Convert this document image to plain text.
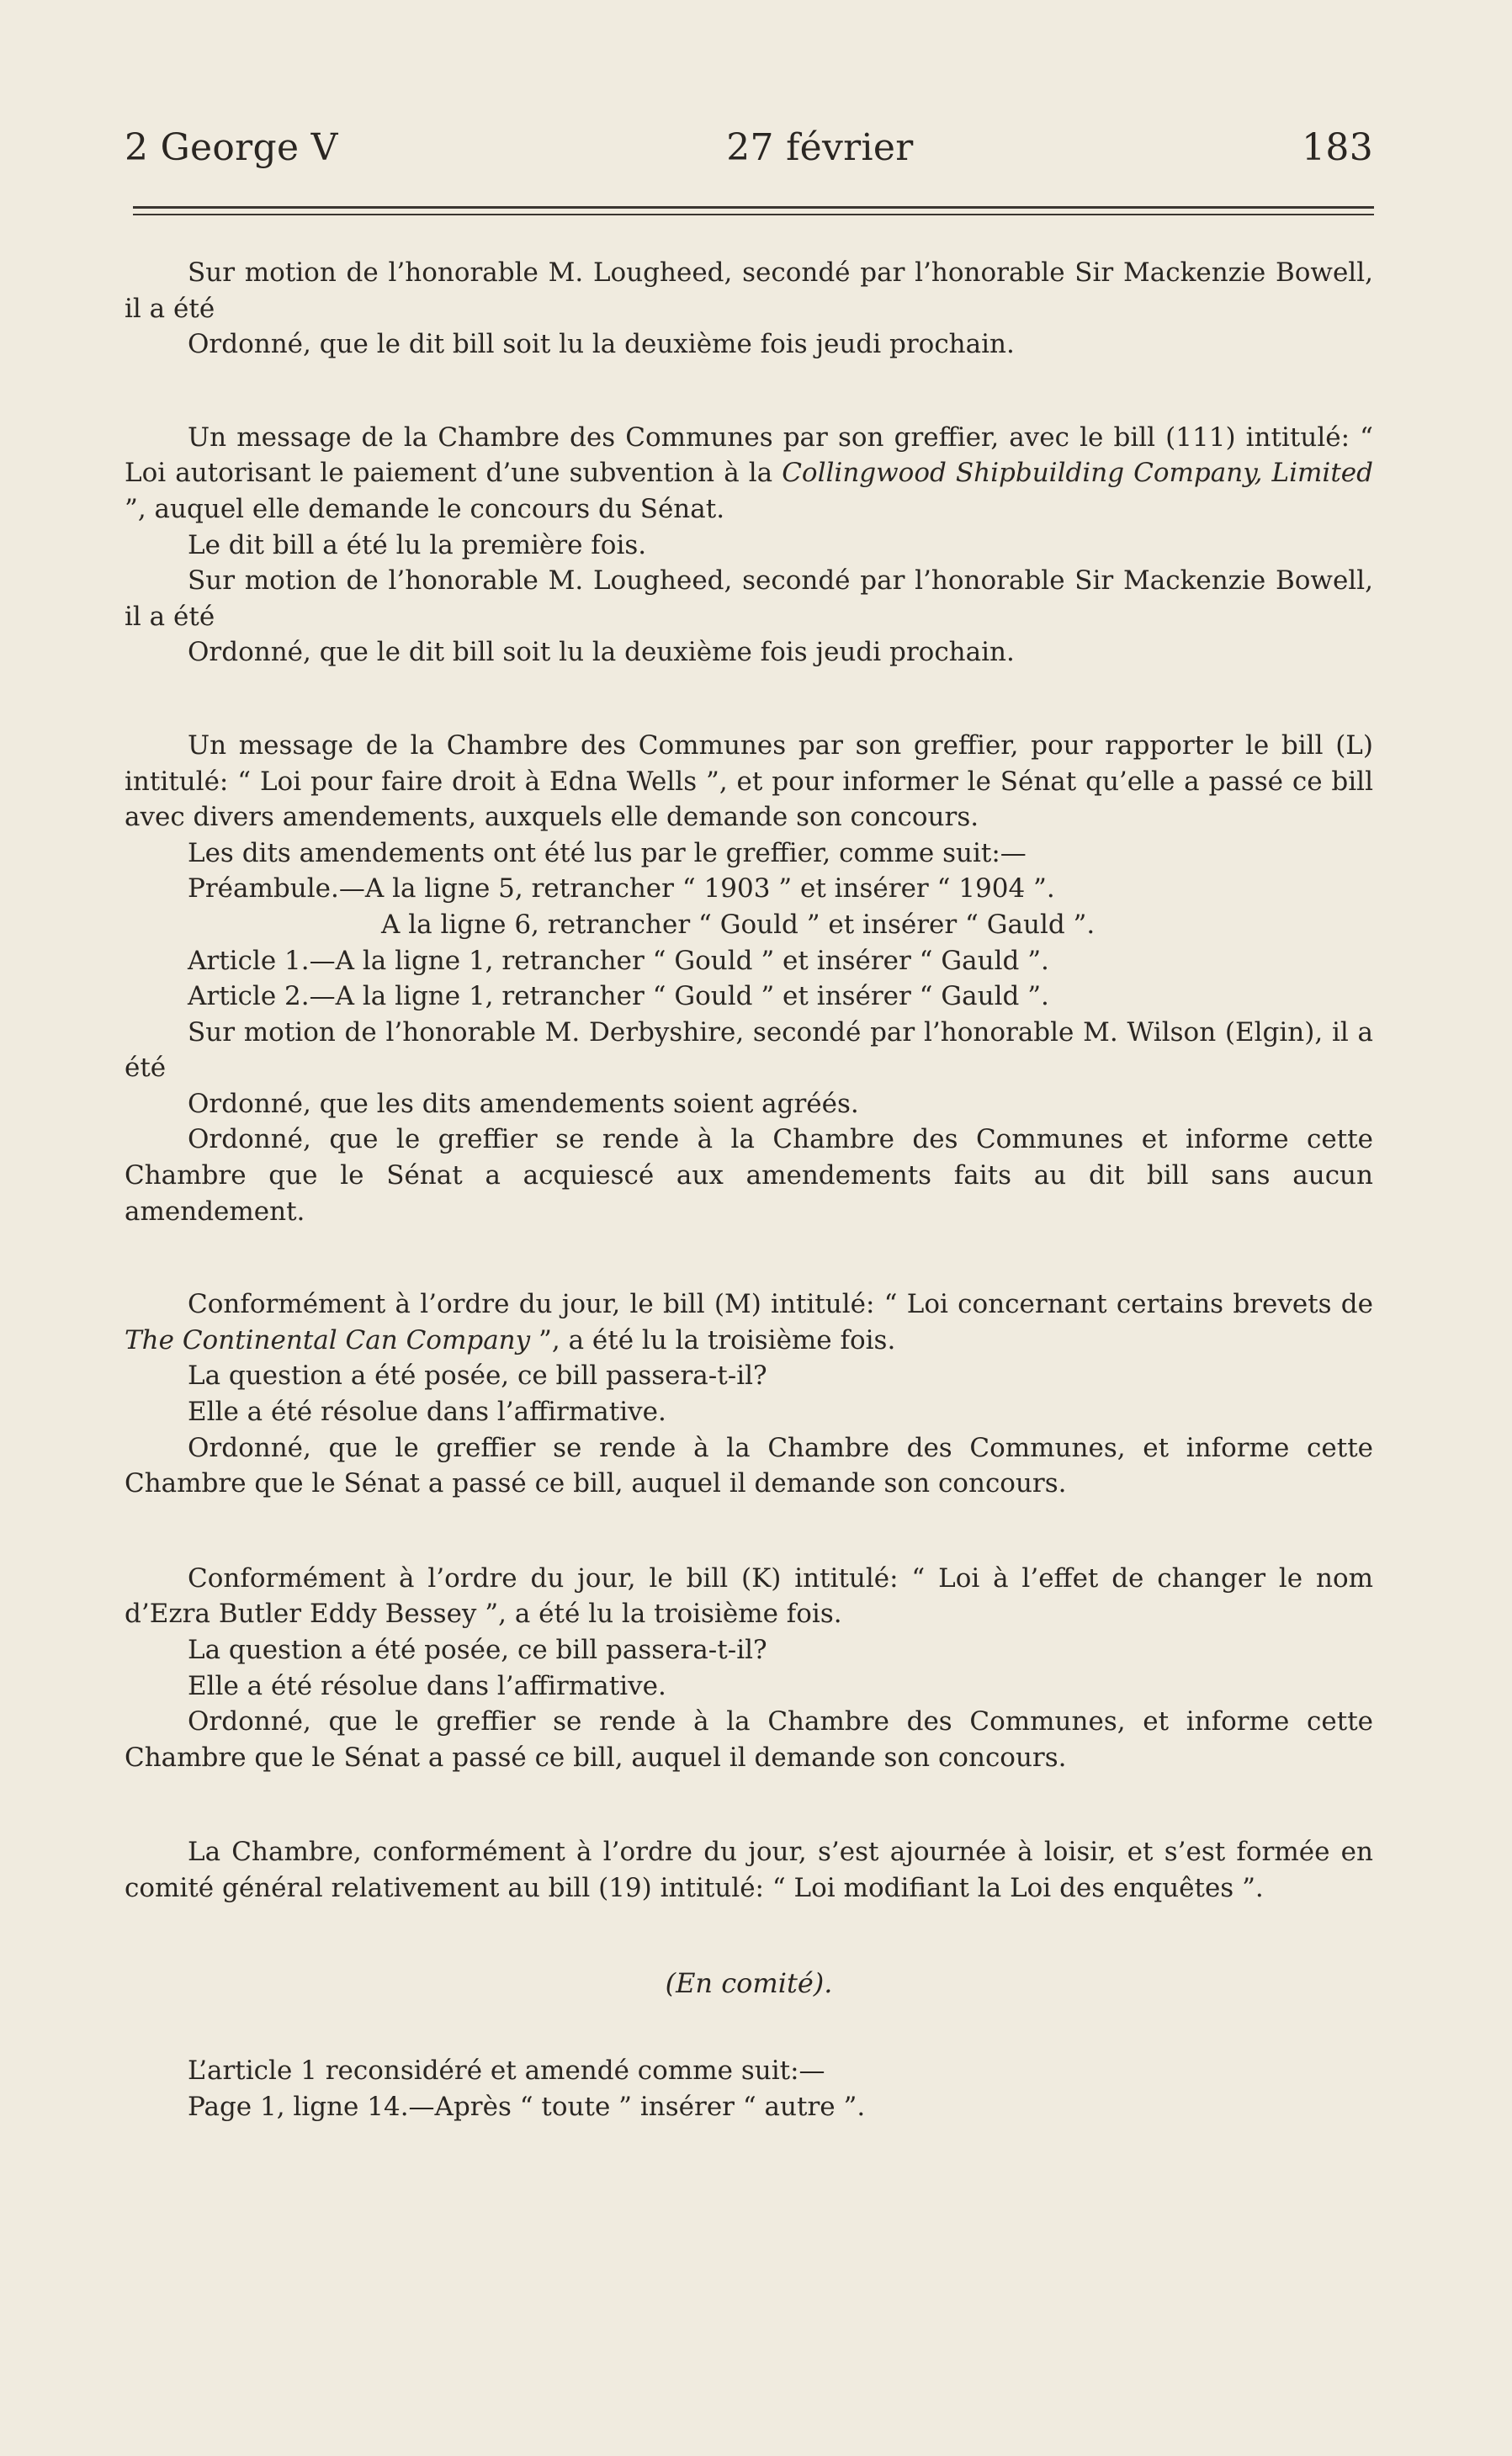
2 George V	27 février	183

Sur motion de l’honorable M. Lougheed, secondé par l’honorable Sir Mackenzie Bowell, il a été

Ordonné, que le dit bill soit lu la deuxième fois jeudi prochain.

Un message de la Chambre des Communes par son greffier, avec le bill (111) intitulé: “ Loi autorisant le paiement d’une subvention à la Collingwood Shipbuilding Company, Limited ”, auquel elle demande le concours du Sénat.

Le dit bill a été lu la première fois.

Sur motion de l’honorable M. Lougheed, secondé par l’honorable Sir Mackenzie Bowell, il a été

Ordonné, que le dit bill soit lu la deuxième fois jeudi prochain.

Un message de la Chambre des Communes par son greffier, pour rapporter le bill (L) intitulé: “ Loi pour faire droit à Edna Wells ”, et pour informer le Sénat qu’elle a passé ce bill avec divers amendements, auxquels elle demande son concours.

Les dits amendements ont été lus par le greffier, comme suit:—

Préambule.—A la ligne 5, retrancher “ 1903 ” et insérer “ 1904 ”.

A la ligne 6, retrancher “ Gould ” et insérer “ Gauld ”.

Article 1.—A la ligne 1, retrancher “ Gould ” et insérer “ Gauld ”.

Article 2.—A la ligne 1, retrancher “ Gould ” et insérer “ Gauld ”.

Sur motion de l’honorable M. Derbyshire, secondé par l’honorable M. Wilson (Elgin), il a été

Ordonné, que les dits amendements soient agréés.

Ordonné, que le greffier se rende à la Chambre des Communes et informe cette Chambre que le Sénat a acquiescé aux amendements faits au dit bill sans aucun amendement.

Conformément à l’ordre du jour, le bill (M) intitulé: “ Loi concernant certains brevets de The Continental Can Company ”, a été lu la troisième fois.

La question a été posée, ce bill passera-t-il?

Elle a été résolue dans l’affirmative.

Ordonné, que le greffier se rende à la Chambre des Communes, et informe cette Chambre que le Sénat a passé ce bill, auquel il demande son concours.

Conformément à l’ordre du jour, le bill (K) intitulé: “ Loi à l’effet de changer le nom d’Ezra Butler Eddy Bessey ”, a été lu la troisième fois.

La question a été posée, ce bill passera-t-il?

Elle a été résolue dans l’affirmative.

Ordonné, que le greffier se rende à la Chambre des Communes, et informe cette Chambre que le Sénat a passé ce bill, auquel il demande son concours.

La Chambre, conformément à l’ordre du jour, s’est ajournée à loisir, et s’est formée en comité général relativement au bill (19) intitulé: “ Loi modifiant la Loi des enquêtes ”.

(En comité).

L’article 1 reconsidéré et amendé comme suit:—

Page 1, ligne 14.—Après “ toute ” insérer “ autre ”.
